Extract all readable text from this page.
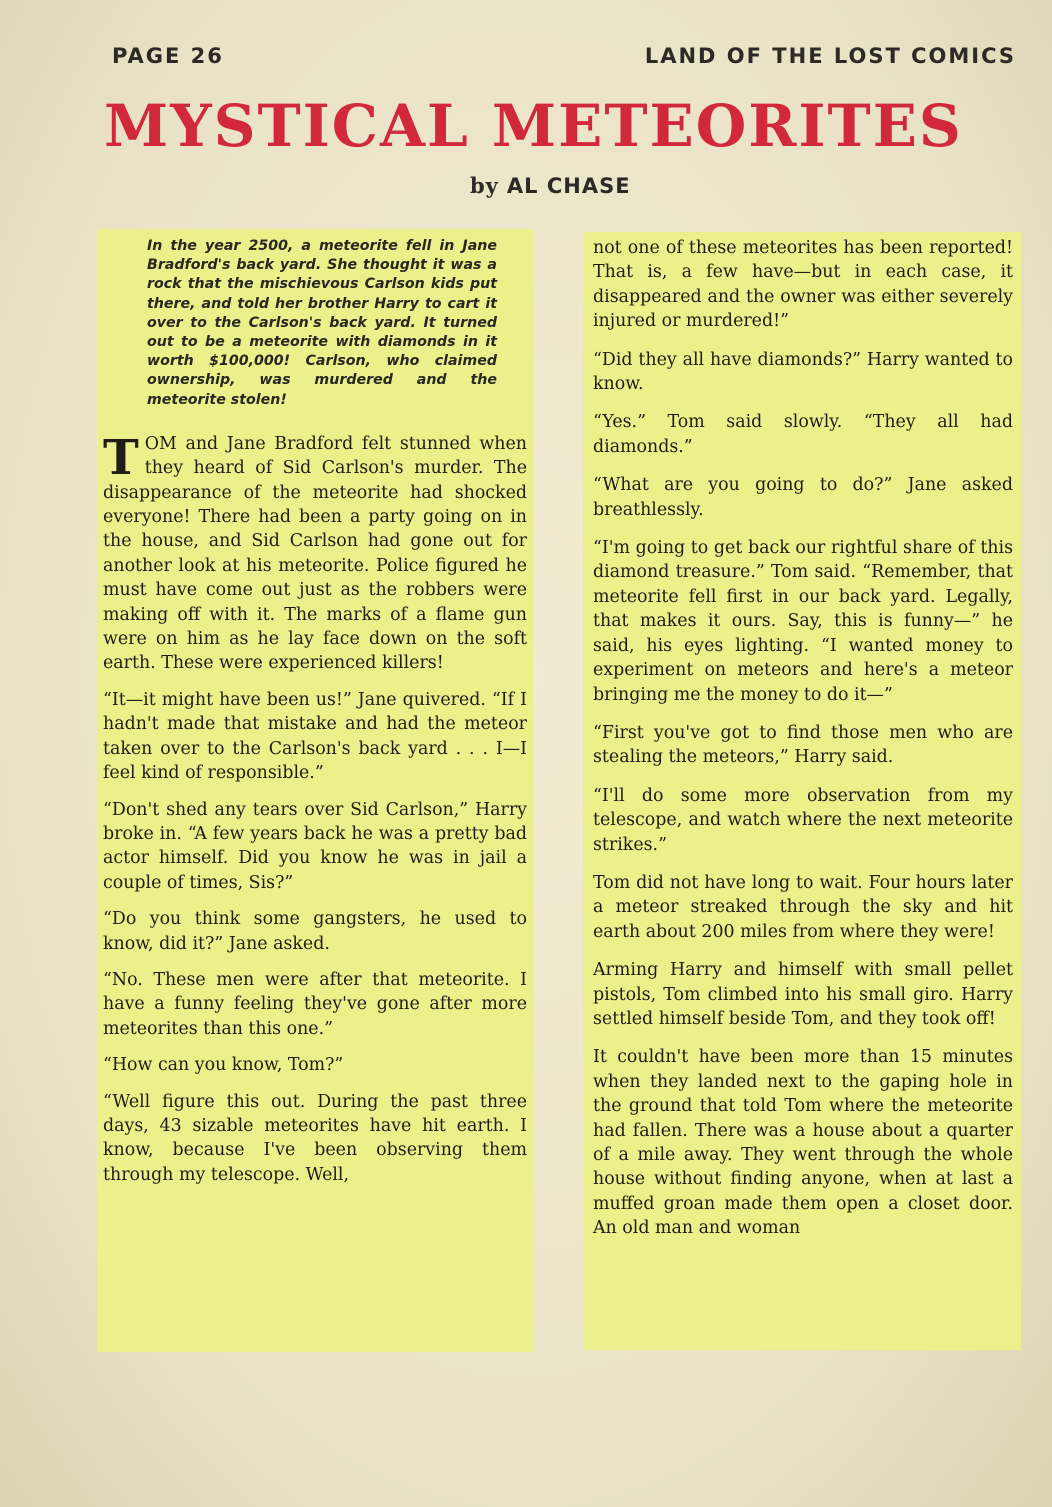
PAGE 26	LAND OF THE LOST COMICS
MYSTICAL METEORITES
by AL CHASE
In the year 2500, a meteorite fell in Jane Bradford's back yard. She thought it was a rock that the mischievous Carlson kids put there, and told her brother Harry to cart it over to the Carlson's back yard. It turned out to be a meteorite with diamonds in it worth $100,000! Carlson, who claimed ownership, was murdered and the meteorite stolen!

TOM and Jane Bradford felt stunned when they heard of Sid Carlson's murder. The disappearance of the meteorite had shocked everyone! There had been a party going on in the house, and Sid Carlson had gone out for another look at his meteorite. Police figured he must have come out just as the robbers were making off with it. The marks of a flame gun were on him as he lay face down on the soft earth. These were experienced killers!

“It—it might have been us!” Jane quivered. “If I hadn't made that mistake and had the meteor taken over to the Carlson's back yard . . . I—I feel kind of responsible.”

“Don't shed any tears over Sid Carlson,” Harry broke in. “A few years back he was a pretty bad actor himself. Did you know he was in jail a couple of times, Sis?”

“Do you think some gangsters, he used to know, did it?” Jane asked.

“No. These men were after that meteorite. I have a funny feeling they've gone after more meteorites than this one.”

“How can you know, Tom?”

“Well figure this out. During the past three days, 43 sizable meteorites have hit earth. I know, because I've been observing them through my telescope. Well,

not one of these meteorites has been reported! That is, a few have—but in each case, it disappeared and the owner was either severely injured or murdered!”

“Did they all have diamonds?” Harry wanted to know.

“Yes.” Tom said slowly. “They all had diamonds.”

“What are you going to do?” Jane asked breathlessly.

“I'm going to get back our rightful share of this diamond treasure.” Tom said. “Remember, that meteorite fell first in our back yard. Legally, that makes it ours. Say, this is funny—” he said, his eyes lighting. “I wanted money to experiment on meteors and here's a meteor bringing me the money to do it—”

“First you've got to find those men who are stealing the meteors,” Harry said.

“I'll do some more observation from my telescope, and watch where the next meteorite strikes.”

Tom did not have long to wait. Four hours later a meteor streaked through the sky and hit earth about 200 miles from where they were!

Arming Harry and himself with small pellet pistols, Tom climbed into his small giro. Harry settled himself beside Tom, and they took off!

It couldn't have been more than 15 minutes when they landed next to the gaping hole in the ground that told Tom where the meteorite had fallen. There was a house about a quarter of a mile away. They went through the whole house without finding anyone, when at last a muffed groan made them open a closet door. An old man and woman
